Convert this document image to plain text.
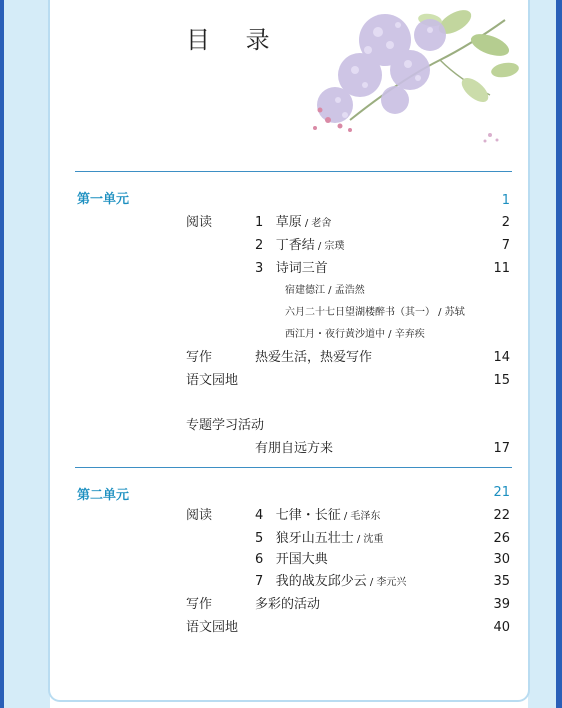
目 录
第一单元	1
阅读	1 草原 / 老舍	2
2 丁香结 / 宗璞	7
3 诗词三首	11
宿建德江 / 孟浩然
六月二十七日望湖楼醉书（其一） / 苏轼
西江月・夜行黄沙道中 / 辛弃疾
写作	热爱生活，热爱写作	14
语文园地	15
专题学习活动
有朋自远方来	17
第二单元	21
阅读	4 七律・长征 / 毛泽东	22
5 狼牙山五壮士 / 沈重	26
6 开国大典	30
7 我的战友邱少云 / 李元兴	35
写作	多彩的活动	39
语文园地	40
